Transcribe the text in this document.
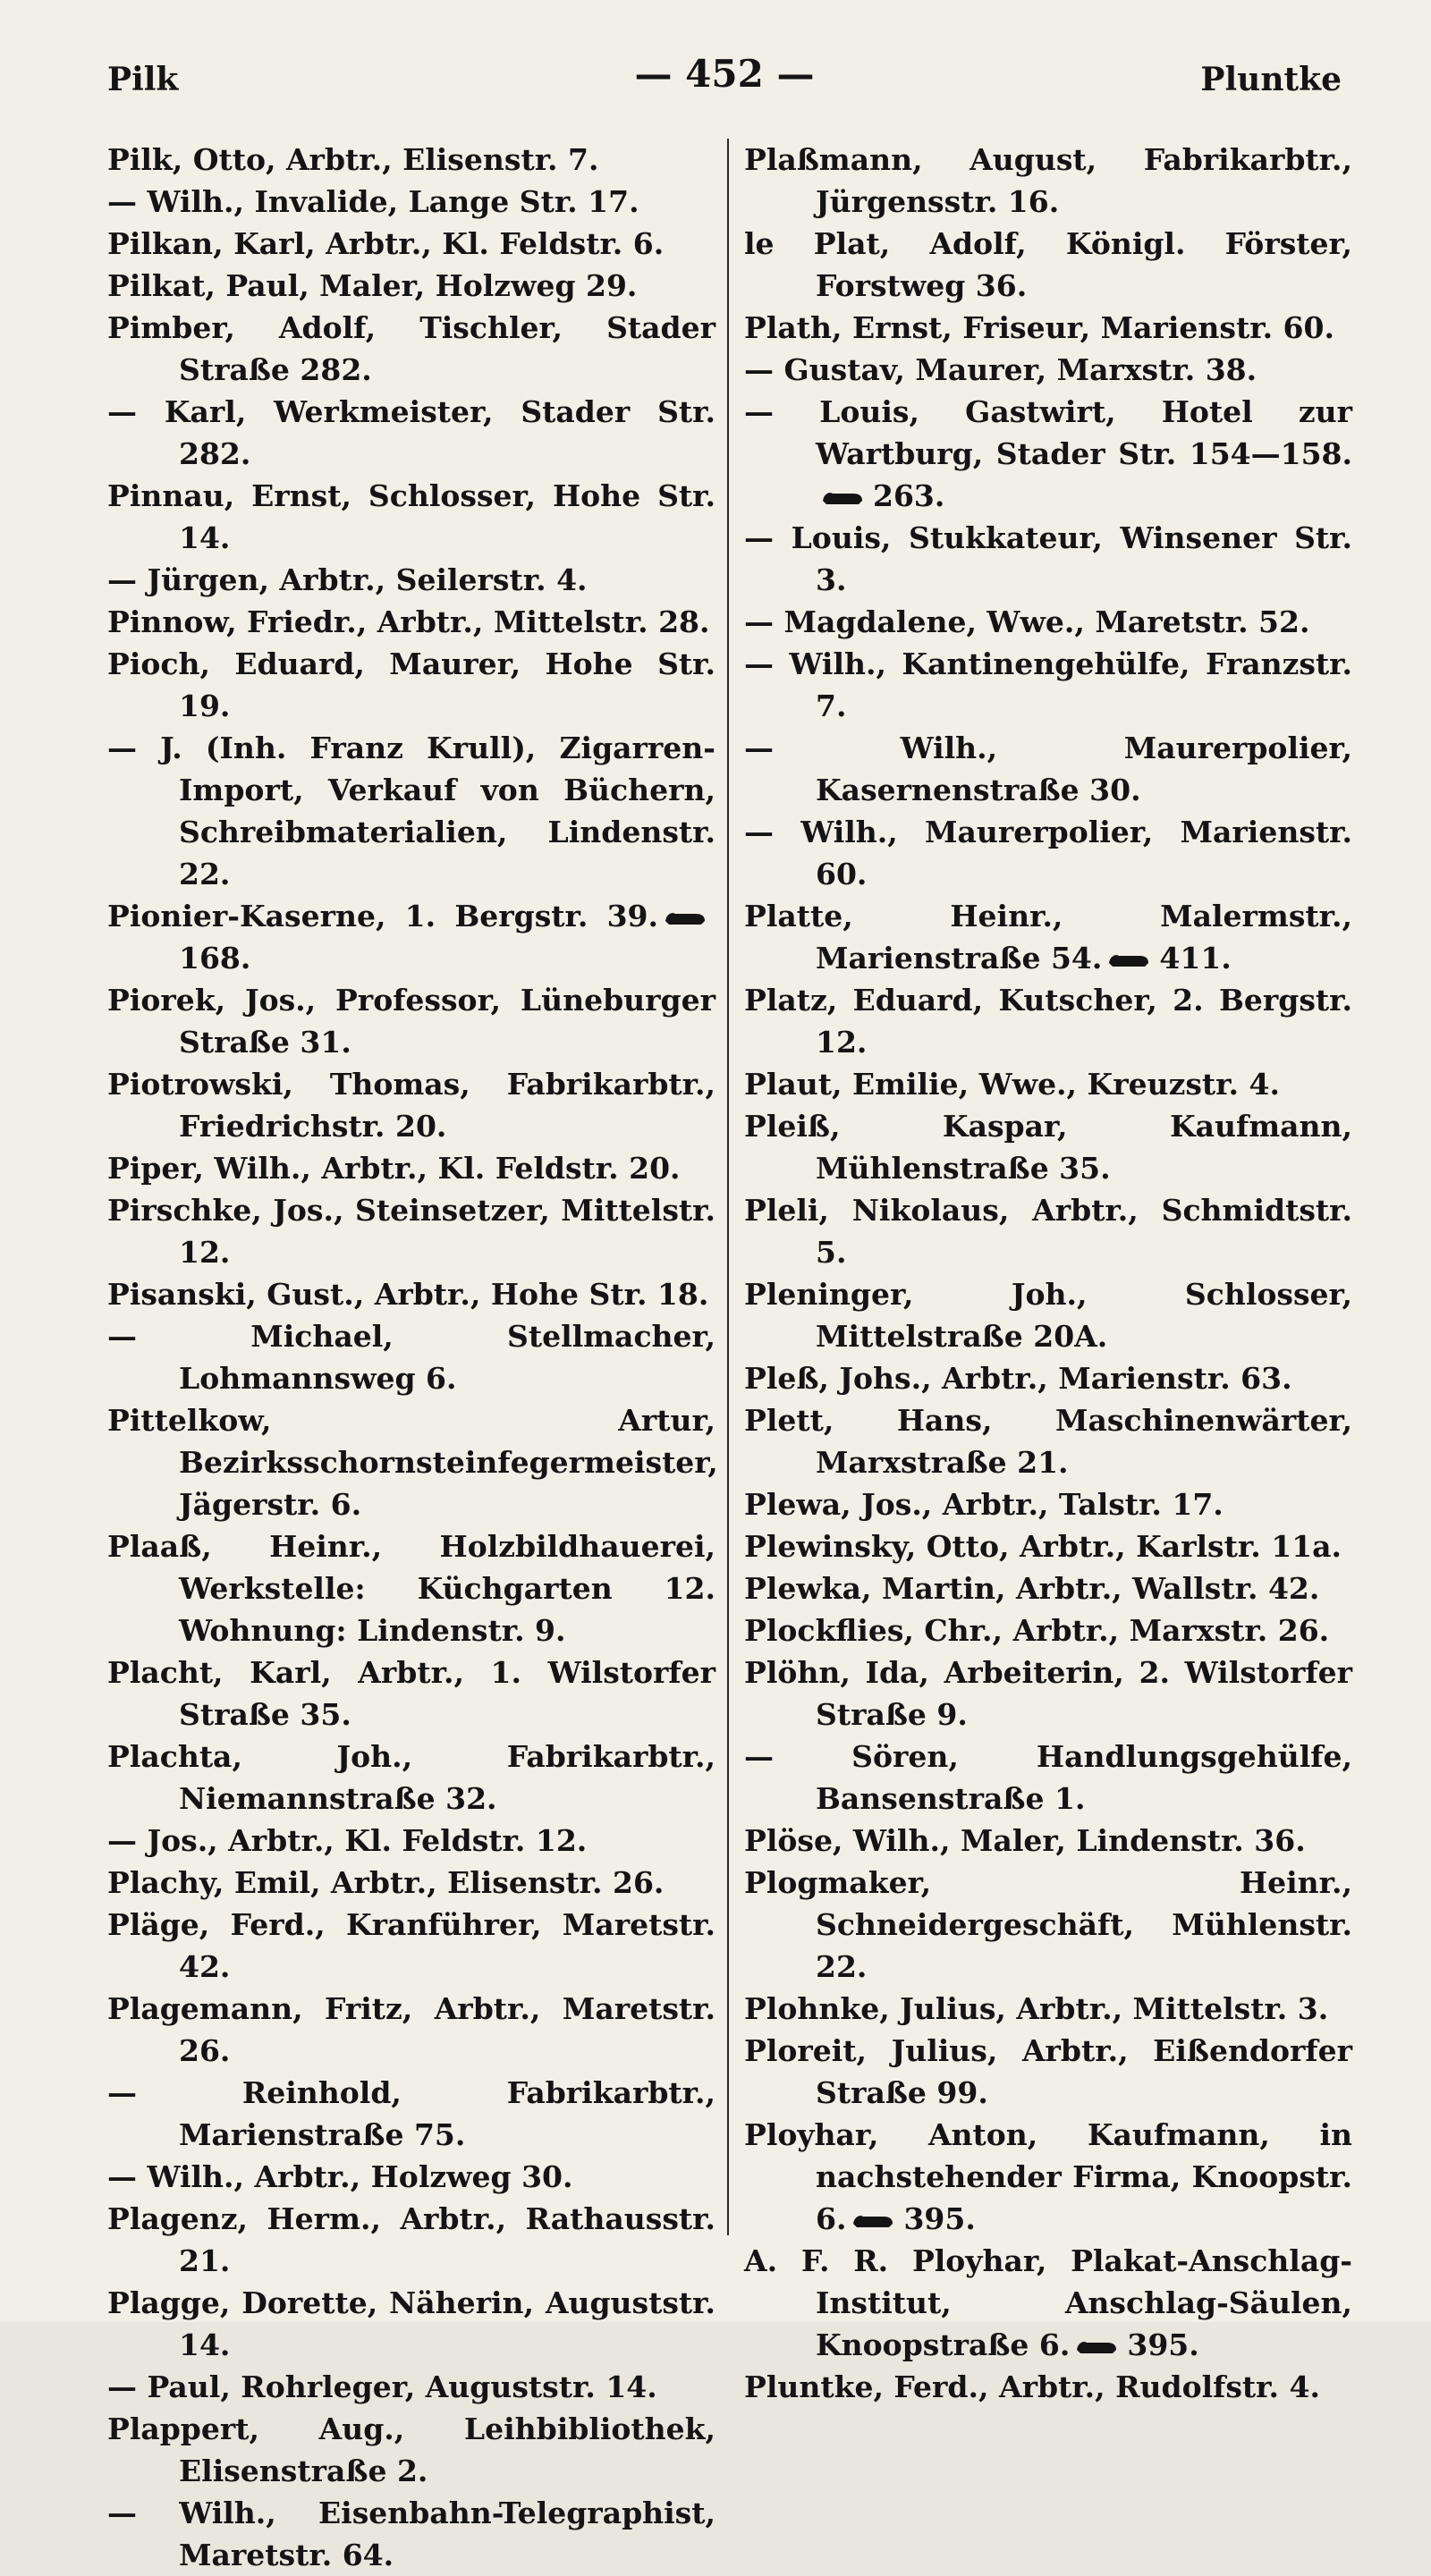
Pilk	— 452 —	Pluntke

Pilk, Otto, Arbtr., Elisenstr. 7.

— Wilh., Invalide, Lange Str. 17.

Pilkan, Karl, Arbtr., Kl. Feldstr. 6.

Pilkat, Paul, Maler, Holzweg 29.

Pimber, Adolf, Tischler, Stader Straße 282.

— Karl, Werkmeister, Stader Str. 282.

Pinnau, Ernst, Schlosser, Hohe Str. 14.

— Jürgen, Arbtr., Seilerstr. 4.

Pinnow, Friedr., Arbtr., Mittelstr. 28.

Pioch, Eduard, Maurer, Hohe Str. 19.

— J. (Inh. Franz Krull), Zigarren-Import, Verkauf von Büchern, Schreibmaterialien, Lindenstr. 22.

Pionier-Kaserne, 1. Bergstr. 39.168.

Piorek, Jos., Professor, Lüneburger Straße 31.

Piotrowski, Thomas, Fabrikarbtr., Friedrichstr. 20.

Piper, Wilh., Arbtr., Kl. Feldstr. 20.

Pirschke, Jos., Steinsetzer, Mittelstr. 12.

Pisanski, Gust., Arbtr., Hohe Str. 18.

— Michael, Stellmacher, Lohmannsweg 6.

Pittelkow, Artur, Bezirksschornsteinfegermeister, Jägerstr. 6.

Plaaß, Heinr., Holzbildhauerei, Werkstelle: Küchgarten 12. Wohnung: Lindenstr. 9.

Placht, Karl, Arbtr., 1. Wilstorfer Straße 35.

Plachta, Joh., Fabrikarbtr., Niemannstraße 32.

— Jos., Arbtr., Kl. Feldstr. 12.

Plachy, Emil, Arbtr., Elisenstr. 26.

Pläge, Ferd., Kranführer, Maretstr. 42.

Plagemann, Fritz, Arbtr., Maretstr. 26.

— Reinhold, Fabrikarbtr., Marienstraße 75.

— Wilh., Arbtr., Holzweg 30.

Plagenz, Herm., Arbtr., Rathausstr. 21.

Plagge, Dorette, Näherin, Auguststr. 14.

— Paul, Rohrleger, Auguststr. 14.

Plappert, Aug., Leihbibliothek, Elisenstraße 2.

— Wilh., Eisenbahn-Telegraphist, Maretstr. 64.

Plaßmann, August, Fabrikarbtr., Jürgensstr. 16.

le Plat, Adolf, Königl. Förster, Forstweg 36.

Plath, Ernst, Friseur, Marienstr. 60.

— Gustav, Maurer, Marxstr. 38.

— Louis, Gastwirt, Hotel zur Wartburg, Stader Str. 154—158.263.

— Louis, Stukkateur, Winsener Str. 3.

— Magdalene, Wwe., Maretstr. 52.

— Wilh., Kantinengehülfe, Franzstr. 7.

— Wilh., Maurerpolier, Kasernenstraße 30.

— Wilh., Maurerpolier, Marienstr. 60.

Platte, Heinr., Malermstr., Marienstraße 54. 411.

Platz, Eduard, Kutscher, 2. Bergstr. 12.

Plaut, Emilie, Wwe., Kreuzstr. 4.

Pleiß, Kaspar, Kaufmann, Mühlenstraße 35.

Pleli, Nikolaus, Arbtr., Schmidtstr. 5.

Pleninger, Joh., Schlosser, Mittelstraße 20A.

Pleß, Johs., Arbtr., Marienstr. 63.

Plett, Hans, Maschinenwärter, Marxstraße 21.

Plewa, Jos., Arbtr., Talstr. 17.

Plewinsky, Otto, Arbtr., Karlstr. 11a.

Plewka, Martin, Arbtr., Wallstr. 42.

Plockflies, Chr., Arbtr., Marxstr. 26.

Plöhn, Ida, Arbeiterin, 2. Wilstorfer Straße 9.

— Sören, Handlungsgehülfe, Bansenstraße 1.

Plöse, Wilh., Maler, Lindenstr. 36.

Plogmaker, Heinr., Schneidergeschäft, Mühlenstr. 22.

Plohnke, Julius, Arbtr., Mittelstr. 3.

Ploreit, Julius, Arbtr., Eißendorfer Straße 99.

Ployhar, Anton, Kaufmann, in nachstehender Firma, Knoopstr. 6. 395.

A. F. R. Ployhar, Plakat-Anschlag-Institut, Anschlag-Säulen, Knoopstraße 6. 395.

Pluntke, Ferd., Arbtr., Rudolfstr. 4.
